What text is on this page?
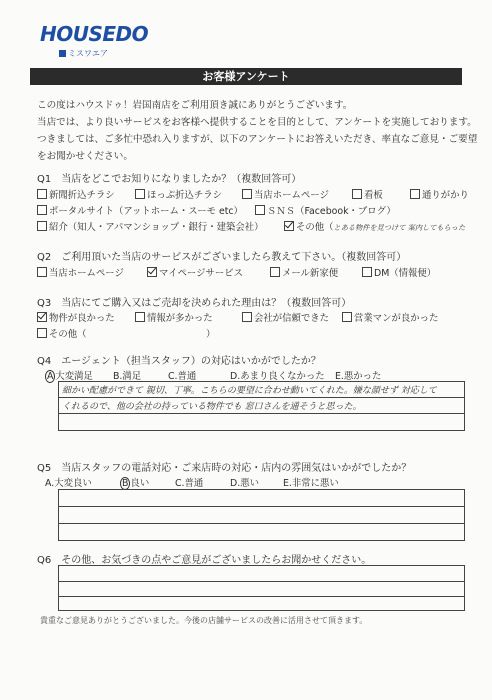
HOUSEDO
ミスワエア
お客様アンケート
この度はハウスドゥ！岩国南店をご利用頂き誠にありがとうございます。
当店では、より良いサービスをお客様へ提供することを目的として、アンケートを実施しております。
つきましては、ご多忙中恐れ入りますが、以下のアンケートにお答えいただき、率直なご意見・ご要望
をお聞かせください。
Q1　 当店をどこでお知りになりましたか？（複数回答可）
新聞折込チラシ	ほっぷ折込チラシ	当店ホームページ	看板	通りがかり
ポータルサイト（アットホーム・スーモ etc）	ＳＮＳ（Facebook・ブログ）
紹介（知人・アパマンショップ・銀行・建築会社）	その他（とある物件を見つけて 案内してもらった
Q2　 ご利用頂いた当店のサービスがございましたら教えて下さい。（複数回答可）
当店ホームページ	マイページサービス	メール新家便	DM（情報便）
Q3　 当店にてご購入又はご売却を決められた理由は？（複数回答可）
物件が良かった	情報が多かった	会社が信頼できた	営業マンが良かった
その他（	）
Q4　 エージェント（担当スタッフ）の対応はいかがでしたか？
A 大変満足 B.満足	C.普通	D.あまり良くなかった E.悪かった
細かい配慮ができて 親切、丁寧。こちらの要望に合わせ動いてくれた。嫌な顔せず 対応して
くれるので、他の会社の持っている物件でも 窓口さんを通そうと思った。
Q5　 当店スタッフの電話対応・ご来店時の対応・店内の雰囲気はいかがでしたか？
A.大変良い	B 良い	C.普通	D.悪い	E.非常に悪い
Q6　 その他、お気づきの点やご意見がございましたらお聞かせください。
貴重なご意見ありがとうございました。今後の店舗サービスの改善に活用させて頂きます。
